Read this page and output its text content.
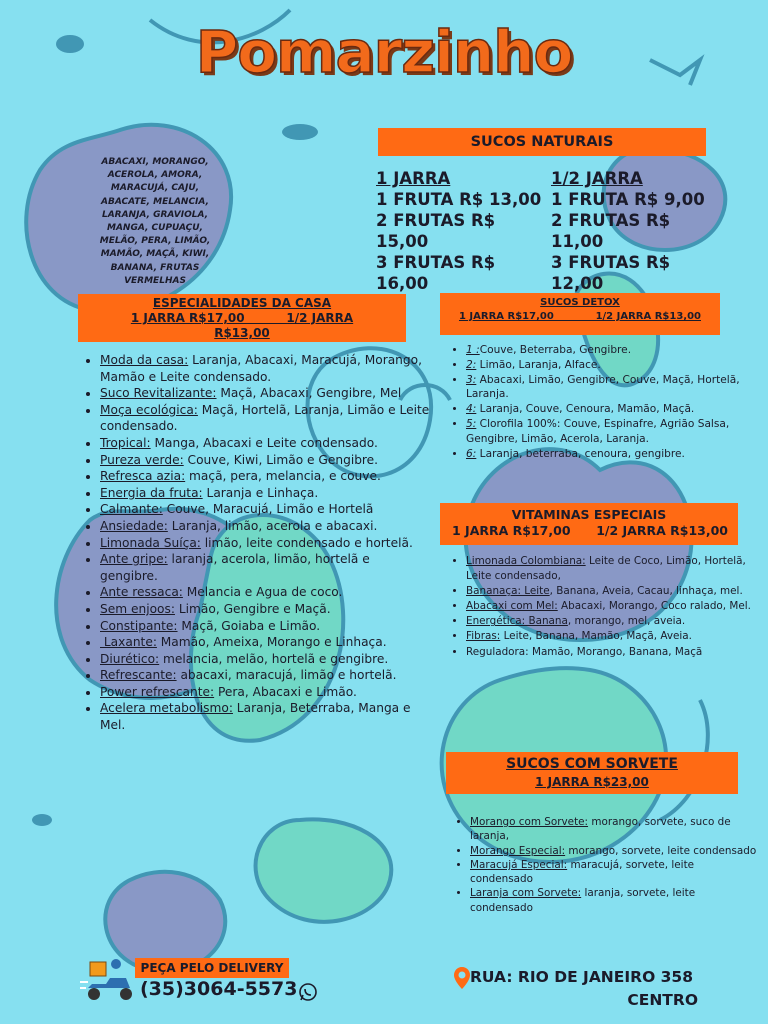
Pomarzinho
ABACAXI, MORANGO, ACEROLA, AMORA, MARACUJÁ, CAJU, ABACATE, MELANCIA, LARANJA, GRAVIOLA, MANGA, CUPUAÇU, MELÃO, PERA, LIMÃO, MAMÃO, MAÇÃ, KIWI, BANANA, FRUTAS VERMELHAS
SUCOS NATURAIS
1 JARRA
1 FRUTA R$ 13,00
2 FRUTAS R$ 15,00
3 FRUTAS R$ 16,00
1/2 JARRA
1 FRUTA R$ 9,00
2 FRUTAS R$ 11,00
3 FRUTAS R$ 12,00
ESPECIALIDADES DA CASA
1 JARRA R$17,00          1/2 JARRA
R$13,00
• Moda da casa: Laranja, Abacaxi, Maracujá, Morango, Mamão e Leite condensado.
• Suco Revitalizante: Maçã, Abacaxi, Gengibre, Mel
• Moça ecológica: Maçã, Hortelã, Laranja, Limão e Leite condensado.
• Tropical: Manga, Abacaxi e Leite condensado.
• Pureza verde: Couve, Kiwi, Limão e Gengibre.
• Refresca azia: maçã, pera, melancia, e couve.
• Energia da fruta: Laranja e Linhaça.
• Calmante: Couve, Maracujá, Limão e Hortelã
• Ansiedade: Laranja, limão, acerola e abacaxi.
• Limonada Suíça: limão, leite condensado e hortelã.
• Ante gripe: laranja, acerola, limão, hortelã e gengibre.
• Ante ressaca: Melancia e Agua de coco.
• Sem enjoos: Limão, Gengibre e Maçã.
• Constipante: Maçã, Goiaba e Limão.
•  Laxante: Mamão, Ameixa, Morango e Linhaça.
• Diurético: melancia, melão, hortelã e gengibre.
• Refrescante: abacaxi, maracujá, limão e hortelã.
• Power refrescante: Pera, Abacaxi e Limão.
• Acelera metabolismo: Laranja, Beterraba, Manga e Mel.
SUCOS DETOX
1 JARRA R$17,00            1/2 JARRA R$13,00
• 1 :Couve, Beterraba, Gengibre.
• 2: Limão, Laranja, Alface.
• 3: Abacaxi, Limão, Gengibre, Couve, Maçã, Hortelã, Laranja.
• 4: Laranja, Couve, Cenoura, Mamão, Maçã.
• 5: Clorofila 100%: Couve, Espinafre, Agrião Salsa, Gengibre, Limão, Acerola, Laranja.
• 6: Laranja, beterraba, cenoura, gengibre.
VITAMINAS ESPECIAIS
1 JARRA R$17,00 1/2 JARRA R$13,00
• Limonada Colombiana: Leite de Coco, Limão, Hortelã, Leite condensado,
• Bananaça: Leite, Banana, Aveia, Cacau, linhaça, mel.
• Abacaxi com Mel: Abacaxi, Morango, Coco ralado, Mel.
• Energética: Banana, morango, mel, aveia.
• Fibras: Leite, Banana, Mamão, Maçã, Aveia.
• Reguladora: Mamão, Morango, Banana, Maçã
SUCOS COM SORVETE
1 JARRA R$23,00
• Morango com Sorvete: morango, sorvete, suco de laranja,
• Morango Especial: morango, sorvete, leite condensado
• Maracujá Especial: maracujá, sorvete, leite condensado
• Laranja com Sorvete: laranja, sorvete, leite condensado
PEÇA PELO DELIVERY
(35)3064-5573
RUA: RIO DE JANEIRO 358
CENTRO
